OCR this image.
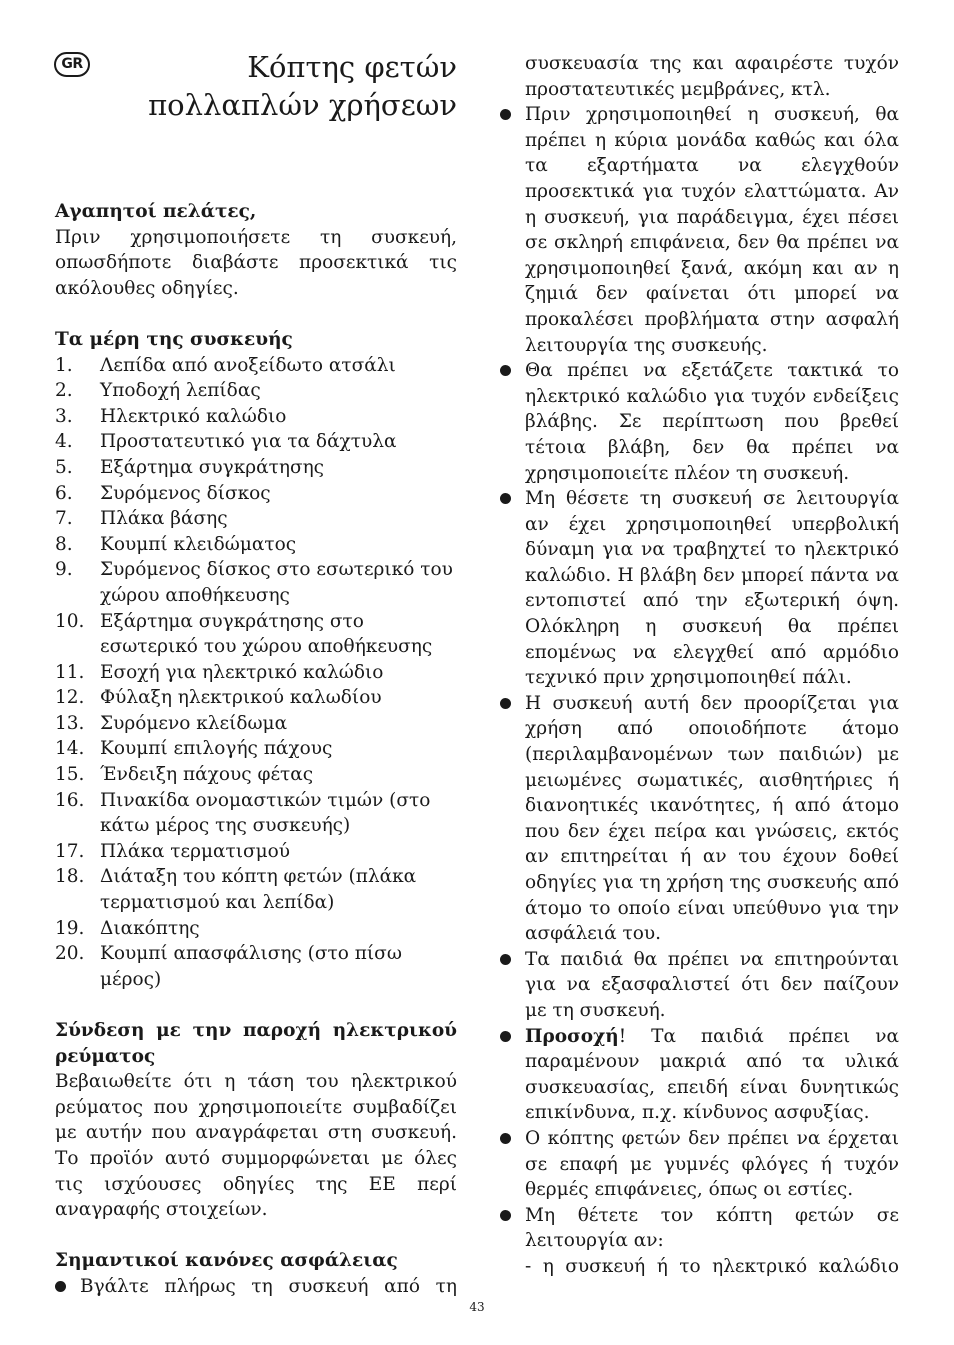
GR	Κόπτης φετών
πολλαπλών χρήσεων

Αγαπητοί πελάτες,

Πριν χρησιμοποιήσετε τη συσκευή, οπωσδήποτε διαβάστε προσεκτικά τις ακόλουθες οδηγίες.

Τα μέρη της συσκευής

1. Λεπίδα από ανοξείδωτο ατσάλι
2. Υποδοχή λεπίδας
3. Ηλεκτρικό καλώδιο
4. Προστατευτικό για τα δάχτυλα
5. Εξάρτημα συγκράτησης
6. Συρόμενος δίσκος
7. Πλάκα βάσης
8. Κουμπί κλειδώματος
9. Συρόμενος δίσκος στο εσωτερικό του χώρου αποθήκευσης
10. Εξάρτημα συγκράτησης στο εσωτερικό του χώρου αποθήκευσης
11. Εσοχή για ηλεκτρικό καλώδιο
12. Φύλαξη ηλεκτρικού καλωδίου
13. Συρόμενο κλείδωμα
14. Κουμπί επιλογής πάχους
15. Ένδειξη πάχους φέτας
16. Πινακίδα ονομαστικών τιμών (στο κάτω μέρος της συσκευής)
17. Πλάκα τερματισμού
18. Διάταξη του κόπτη φετών (πλάκα τερματισμού και λεπίδα)
19. Διακόπτης
20. Κουμπί απασφάλισης (στο πίσω μέρος)

Σύνδεση με την παροχή ηλεκτρικού ρεύματος

Βεβαιωθείτε ότι η τάση του ηλεκτρικού ρεύματος που χρησιμοποιείτε συμβαδίζει με αυτήν που αναγράφεται στη συσκευή. Το προϊόν αυτό συμμορφώνεται με όλες τις ισχύουσες οδηγίες της ΕΕ περί αναγραφής στοιχείων.

Σημαντικοί κανόνες ασφάλειας

Βγάλτε πλήρως τη συσκευή από τη

συσκευασία της και αφαιρέστε τυχόν προστατευτικές μεμβράνες, κτλ.

Πριν χρησιμοποιηθεί η συσκευή, θα πρέπει η κύρια μονάδα καθώς και όλα τα εξαρτήματα να ελεγχθούν προσεκτικά για τυχόν ελαττώματα. Αν η συσκευή, για παράδειγμα, έχει πέσει σε σκληρή επιφάνεια, δεν θα πρέπει να χρησιμοποιηθεί ξανά, ακόμη και αν η ζημιά δεν φαίνεται ότι μπορεί να προκαλέσει προβλήματα στην ασφαλή λειτουργία της συσκευής.
Θα πρέπει να εξετάζετε τακτικά το ηλεκτρικό καλώδιο για τυχόν ενδείξεις βλάβης. Σε περίπτωση που βρεθεί τέτοια βλάβη, δεν θα πρέπει να χρησιμοποιείτε πλέον τη συσκευή.
Μη θέσετε τη συσκευή σε λειτουργία αν έχει χρησιμοποιηθεί υπερβολική δύναμη για να τραβηχτεί το ηλεκτρικό καλώδιο. Η βλάβη δεν μπορεί πάντα να εντοπιστεί από την εξωτερική όψη. Ολόκληρη η συσκευή θα πρέπει επομένως να ελεγχθεί από αρμόδιο τεχνικό πριν χρησιμοποιηθεί πάλι.
Η συσκευή αυτή δεν προορίζεται για χρήση από οποιοδήποτε άτομο (περιλαμβανομένων των παιδιών) με μειωμένες σωματικές, αισθητήριες ή διανοητικές ικανότητες, ή από άτομο που δεν έχει πείρα και γνώσεις, εκτός αν επιτηρείται ή αν του έχουν δοθεί οδηγίες για τη χρήση της συσκευής από άτομο το οποίο είναι υπεύθυνο για την ασφάλειά του.
Τα παιδιά θα πρέπει να επιτηρούνται για να εξασφαλιστεί ότι δεν παίζουν με τη συσκευή.
Προσοχή! Τα παιδιά πρέπει να παραμένουν μακριά από τα υλικά συσκευασίας, επειδή είναι δυνητικώς επικίνδυνα, π.χ. κίνδυνος ασφυξίας.
Ο κόπτης φετών δεν πρέπει να έρχεται σε επαφή με γυμνές φλόγες ή τυχόν θερμές επιφάνειες, όπως οι εστίες.
Μη θέτετε τον κόπτη φετών σε λειτουργία αν:

- η συσκευή ή το ηλεκτρικό καλώδιο

43
